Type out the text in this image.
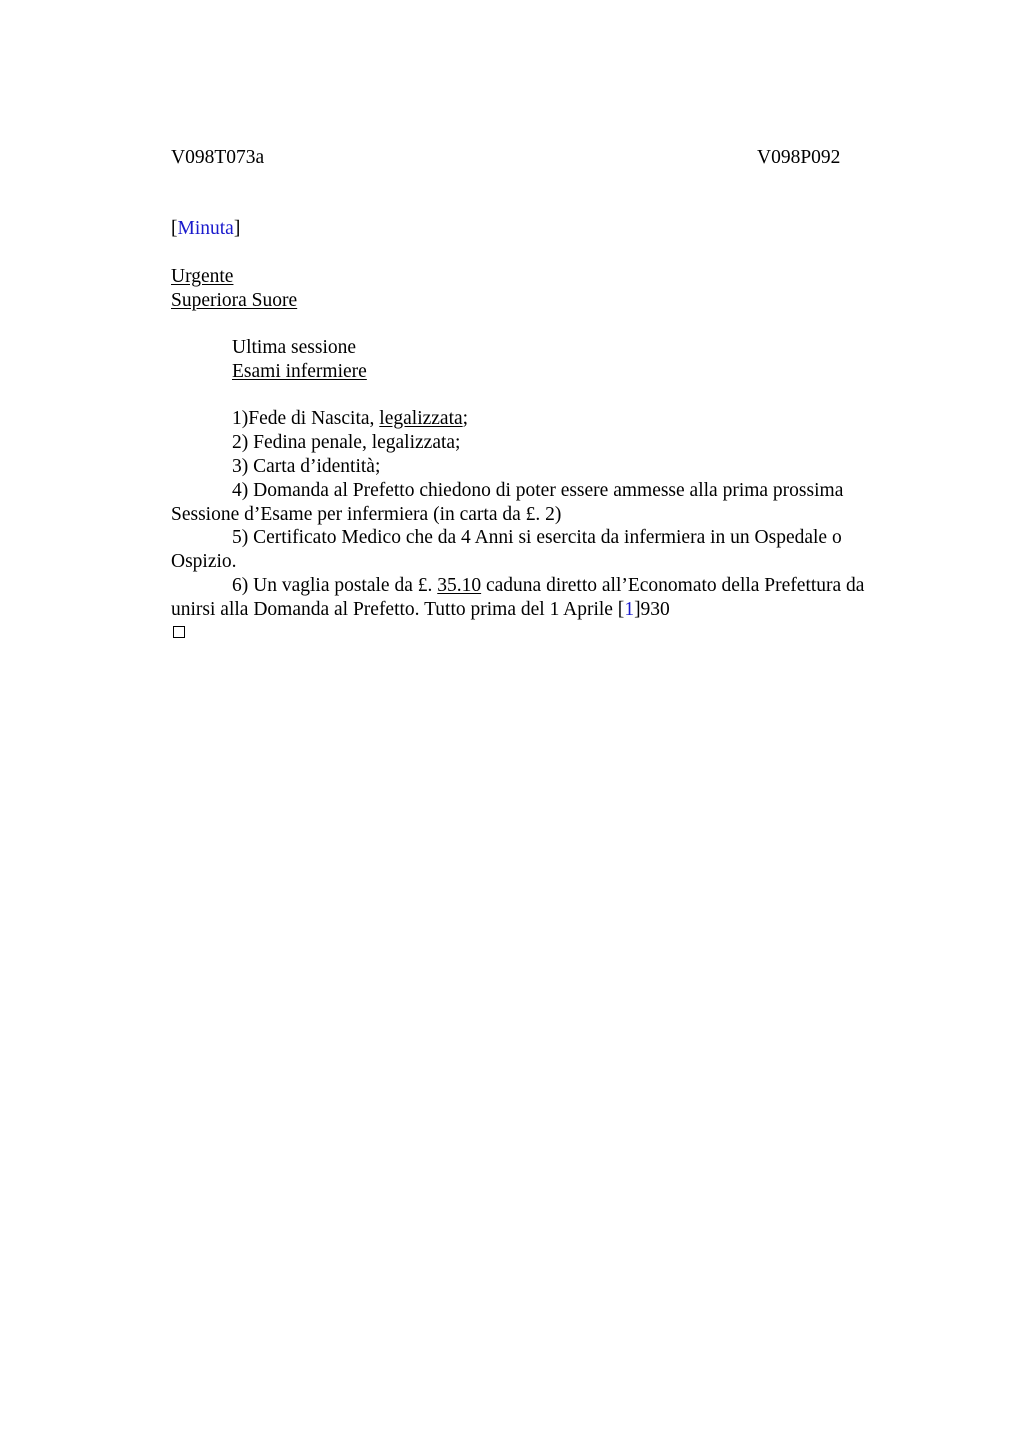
V098T073a	V098P092
[Minuta]
Urgente
Superiora Suore
Ultima sessione
Esami infermiere
1)Fede di Nascita, legalizzata;
2) Fedina penale, legalizzata;
3) Carta d’identità;
4) Domanda al Prefetto chiedono di poter essere ammesse alla prima prossima Sessione d’Esame per infermiera (in carta da £. 2)
5) Certificato Medico che da 4 Anni si esercita da infermiera in un Ospedale o Ospizio.
6) Un vaglia postale da £. 35.10 caduna diretto all’Economato della Prefettura da unirsi alla Domanda al Prefetto. Tutto prima del 1 Aprile [1]930
